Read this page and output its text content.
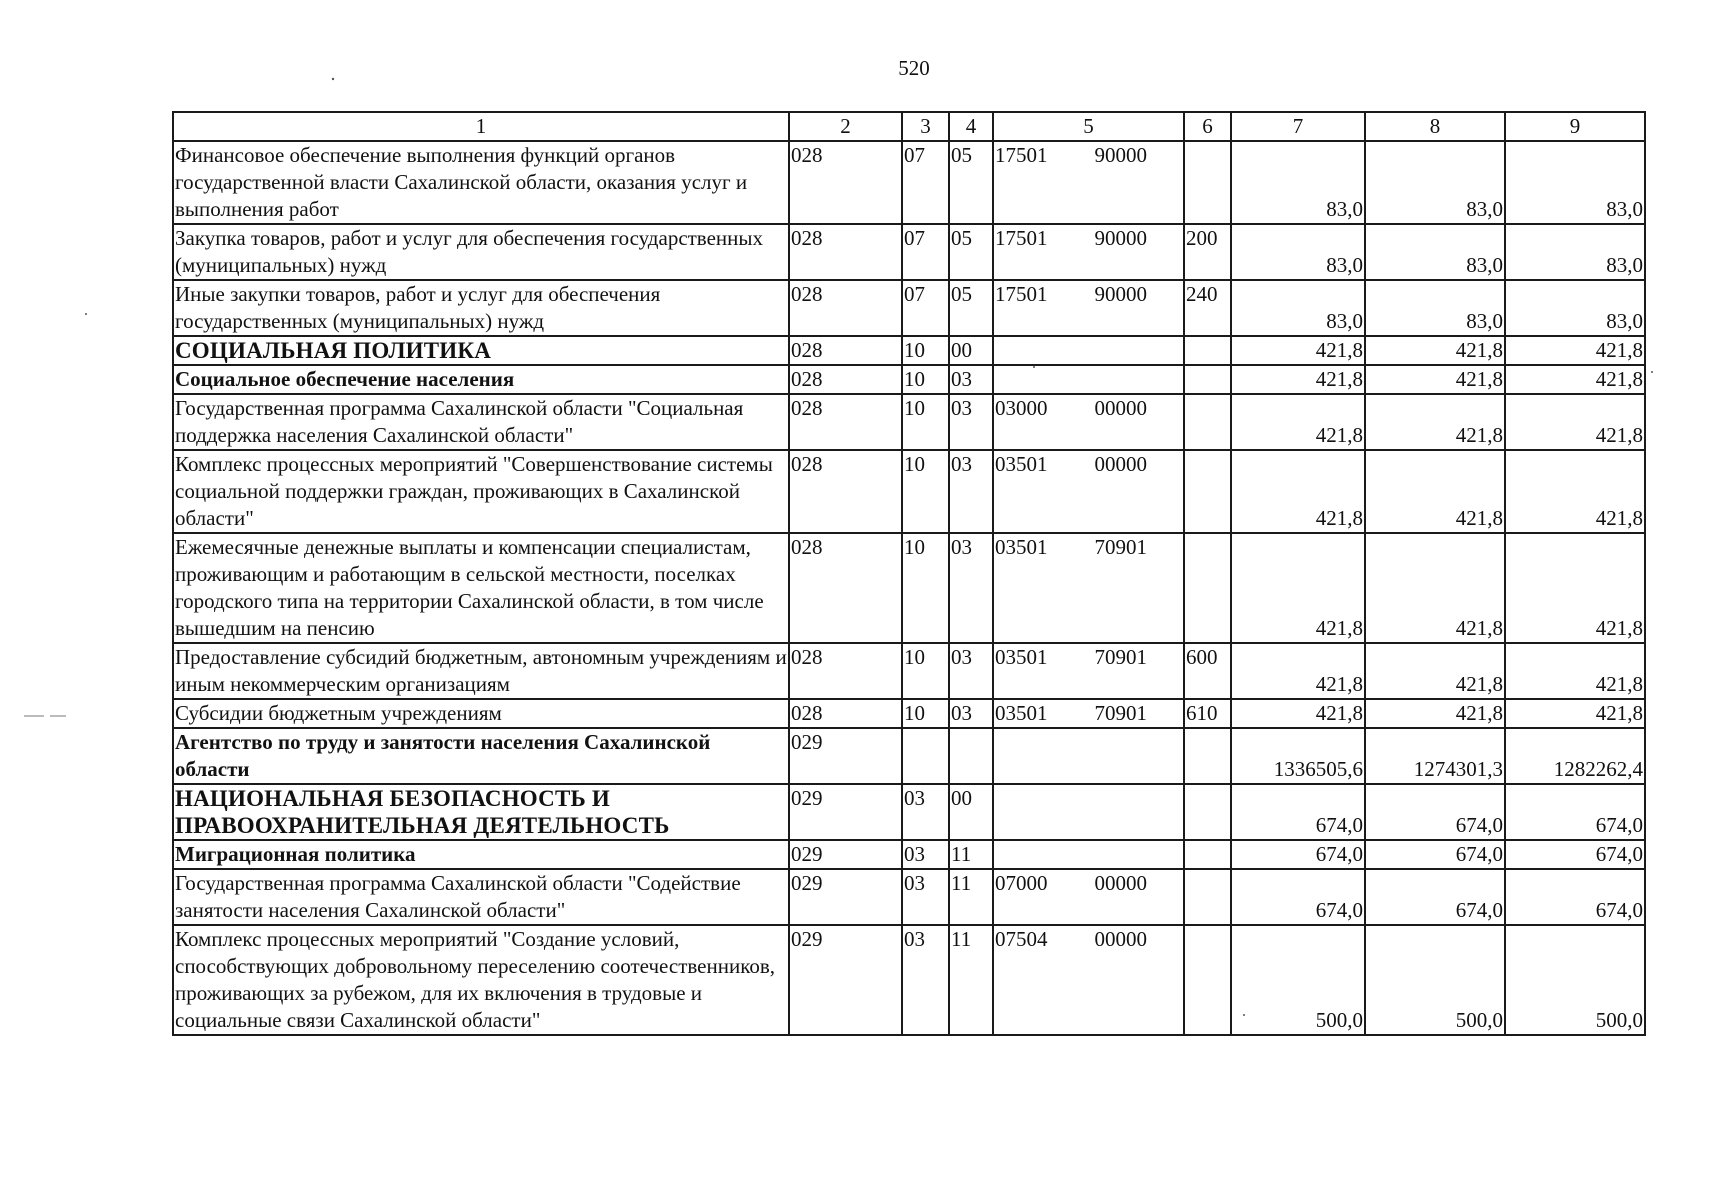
520
1	2	3	4	5	6	7	8	9
Финансовое обеспечение выполнения функций органов государственной власти Сахалинской области, оказания услуг и выполнения работ	028	07	05	17501 90000		83,0	83,0	83,0
Закупка товаров, работ и услуг для обеспечения государственных (муниципальных) нужд	028	07	05	17501 90000	200	83,0	83,0	83,0
Иные закупки товаров, работ и услуг для обеспечения государственных (муниципальных) нужд	028	07	05	17501 90000	240	83,0	83,0	83,0
СОЦИАЛЬНАЯ ПОЛИТИКА	028	10	00			421,8	421,8	421,8
Социальное обеспечение населения	028	10	03			421,8	421,8	421,8
Государственная программа Сахалинской области "Социальная поддержка населения Сахалинской области"	028	10	03	03000 00000		421,8	421,8	421,8
Комплекс процессных мероприятий "Совершенствование системы социальной поддержки граждан, проживающих в Сахалинской области"	028	10	03	03501 00000		421,8	421,8	421,8
Ежемесячные денежные выплаты и компенсации специалистам, проживающим и работающим в сельской местности, поселках городского типа на территории Сахалинской области, в том числе вышедшим на пенсию	028	10	03	03501 70901		421,8	421,8	421,8
Предоставление субсидий бюджетным, автономным учреждениям и иным некоммерческим организациям	028	10	03	03501 70901	600	421,8	421,8	421,8
Субсидии бюджетным учреждениям	028	10	03	03501 70901	610	421,8	421,8	421,8
Агентство по труду и занятости населения Сахалинской области	029					1336505,6	1274301,3	1282262,4
НАЦИОНАЛЬНАЯ БЕЗОПАСНОСТЬ И ПРАВООХРАНИТЕЛЬНАЯ ДЕЯТЕЛЬНОСТЬ	029	03	00			674,0	674,0	674,0
Миграционная политика	029	03	11			674,0	674,0	674,0
Государственная программа Сахалинской области "Содействие занятости населения Сахалинской области"	029	03	11	07000 00000		674,0	674,0	674,0
Комплекс процессных мероприятий "Создание условий, способствующих добровольному переселению соотечественников, проживающих за рубежом, для их включения в трудовые и социальные связи Сахалинской области"	029	03	11	07504 00000		500,0	500,0	500,0
